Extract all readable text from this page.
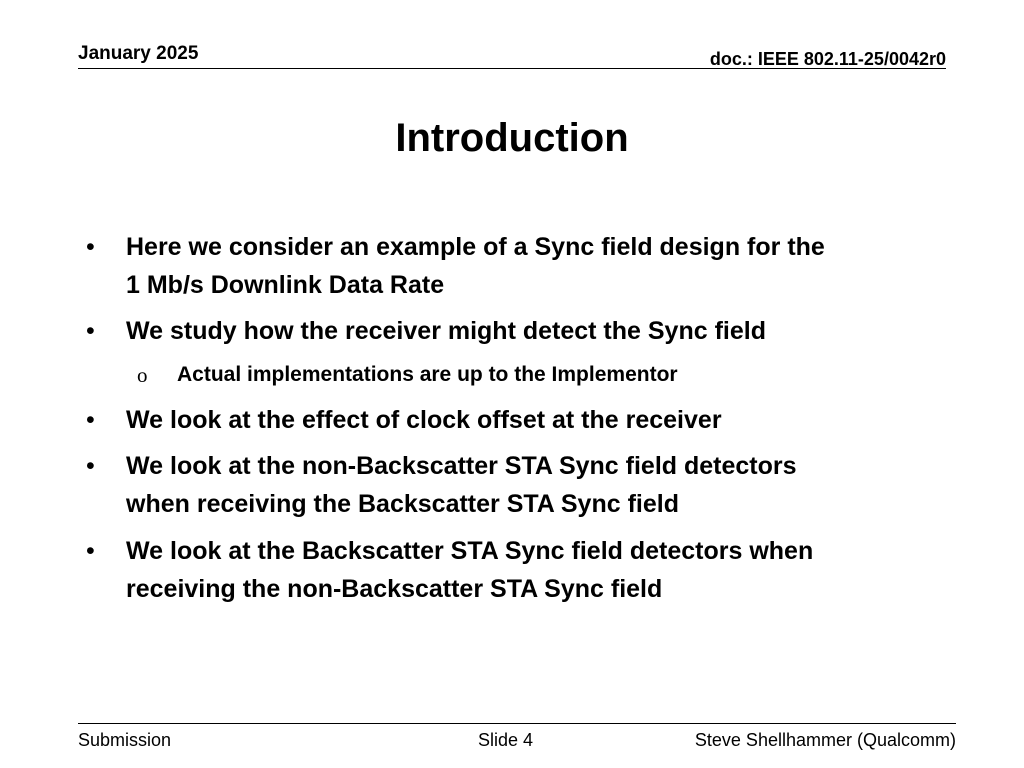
January 2025	doc.: IEEE 802.11-25/0042r0
Introduction
•	Here we consider an example of a Sync field design for the
1 Mb/s Downlink Data Rate
•	We study how the receiver might detect the Sync field
o Actual implementations are up to the Implementor
•	We look at the effect of clock offset at the receiver
•	We look at the non-Backscatter STA Sync field detectors
when receiving the Backscatter STA Sync field
•	We look at the Backscatter STA Sync field detectors when
receiving the non-Backscatter STA Sync field
Submission	Slide 4	Steve Shellhammer (Qualcomm)
